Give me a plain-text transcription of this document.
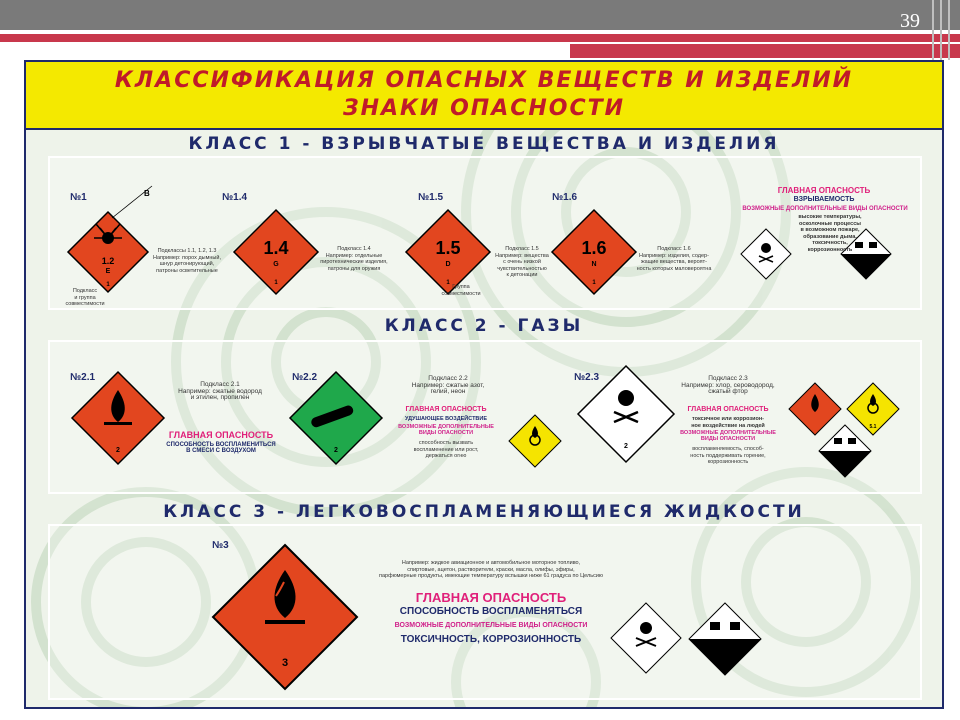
39
КЛАССИФИКАЦИЯ ОПАСНЫХ ВЕЩЕСТВ И ИЗДЕЛИЙ
ЗНАКИ ОПАСНОСТИ
КЛАСС 1 - ВЗРЫВЧАТЫЕ ВЕЩЕСТВА И ИЗДЕЛИЯ
№1
1.2
E
1
B
Подкласс
и группа
совместимости
Подклассы 1.1, 1.2, 1.3
Например: порох дымный,
шнур детонирующий,
патроны осветительные
№1.4
1.4
G
1
Подкласс 1.4
Например: отдельные
пиротехнические изделия,
патроны для оружия
№1.5
1.5
D
1
Группа
совместимости
Подкласс 1.5
Например: вещества
с очень низкой
чувствительностью
к детонации
№1.6
1.6
N
1
Подкласс 1.6
Например: изделия, содер-
жащие вещества, вероят-
ность которых маловероятна
ГЛАВНАЯ ОПАСНОСТЬ
ВЗРЫВАЕМОСТЬ
ВОЗМОЖНЫЕ ДОПОЛНИТЕЛЬНЫЕ ВИДЫ ОПАСНОСТИ
высокие температуры,
осколочные процессы
в возможном пожаре,
образование дыма,
токсичность,
коррозионность
КЛАСС 2 - ГАЗЫ
№2.1
2
Подкласс 2.1
Например: сжатые водород
и этилен, пропилен
ГЛАВНАЯ ОПАСНОСТЬ
СПОСОБНОСТЬ ВОСПЛАМЕНИТЬСЯ
В СМЕСИ С ВОЗДУХОМ
№2.2
2
Подкласс 2.2
Например: сжатые азот,
гелий, неон
ГЛАВНАЯ ОПАСНОСТЬ
УДУШАЮЩЕЕ ВОЗДЕЙСТВИЕ
ВОЗМОЖНЫЕ ДОПОЛНИТЕЛЬНЫЕ ВИДЫ ОПАСНОСТИ
способность вызвать
воспламенение или рост,
держаться огню
№2.3
2
Подкласс 2.3
Например: хлор, сероводород,
сжатый фтор
ГЛАВНАЯ ОПАСНОСТЬ
токсичное или коррозион-
ное воздействие на людей
ВОЗМОЖНЫЕ ДОПОЛНИТЕЛЬНЫЕ ВИДЫ ОПАСНОСТИ
воспламеняемость, способ-
ность поддерживать горение,
коррозионность
5.1
КЛАСС 3 - ЛЕГКОВОСПЛАМЕНЯЮЩИЕСЯ ЖИДКОСТИ
№3
3
Например: жидкое авиационное и автомобильное моторное топливо,
спиртовые, ацетон, растворители, краски, масла, олифы, эфиры,
парфюмерные продукты, имеющие температуру вспышки ниже 61 градуса по Цельсию
ГЛАВНАЯ ОПАСНОСТЬ
СПОСОБНОСТЬ ВОСПЛАМЕНЯТЬСЯ
ВОЗМОЖНЫЕ ДОПОЛНИТЕЛЬНЫЕ ВИДЫ ОПАСНОСТИ
ТОКСИЧНОСТЬ, КОРРОЗИОННОСТЬ
